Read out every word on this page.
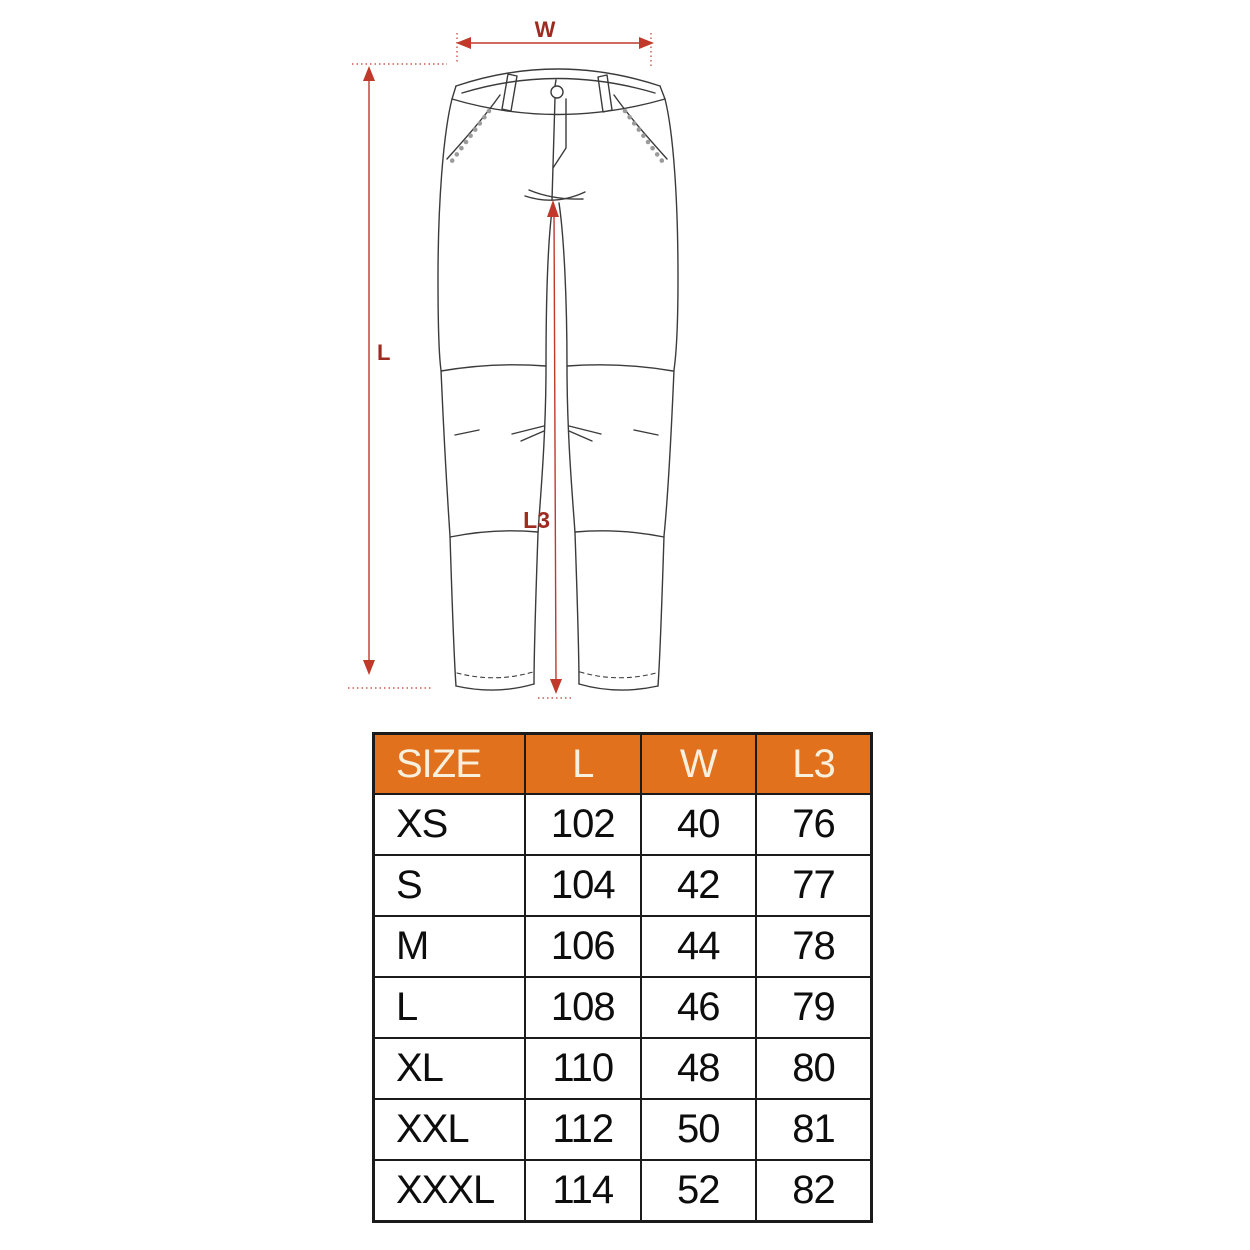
W
L
L3
SIZE	L	W	L3
XS	102	40	76
S	104	42	77
M	106	44	78
L	108	46	79
XL	110	48	80
XXL	112	50	81
XXXL	114	52	82
